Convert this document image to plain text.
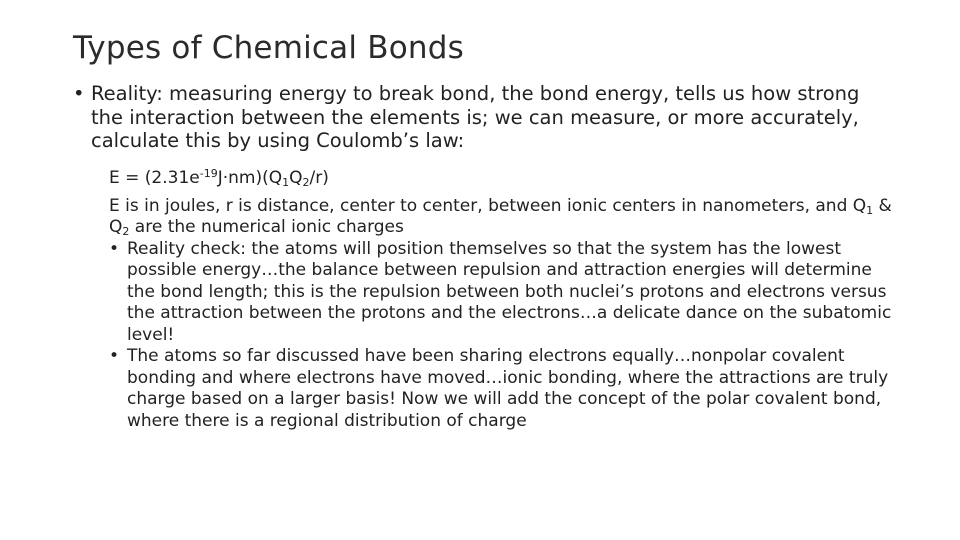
Types of Chemical Bonds
• Reality: measuring energy to break bond, the bond energy, tells us how strong the interaction between the elements is; we can measure, or more accurately, calculate this by using Coulomb’s law:

$E = (2.31e^{-19}J\cdot nm)(Q_1Q_2/r)$

E is in joules, r is distance, center to center, between ionic centers in nanometers, and $Q_1$ & $Q_2$ are the numerical ionic charges

• Reality check: the atoms will position themselves so that the system has the lowest possible energy…the balance between repulsion and attraction energies will determine the bond length; this is the repulsion between both nuclei’s protons and electrons versus the attraction between the protons and the electrons…a delicate dance on the subatomic level!

• The atoms so far discussed have been sharing electrons equally…nonpolar covalent bonding and where electrons have moved…ionic bonding, where the attractions are truly charge based on a larger basis! Now we will add the concept of the polar covalent bond, where there is a regional distribution of charge
